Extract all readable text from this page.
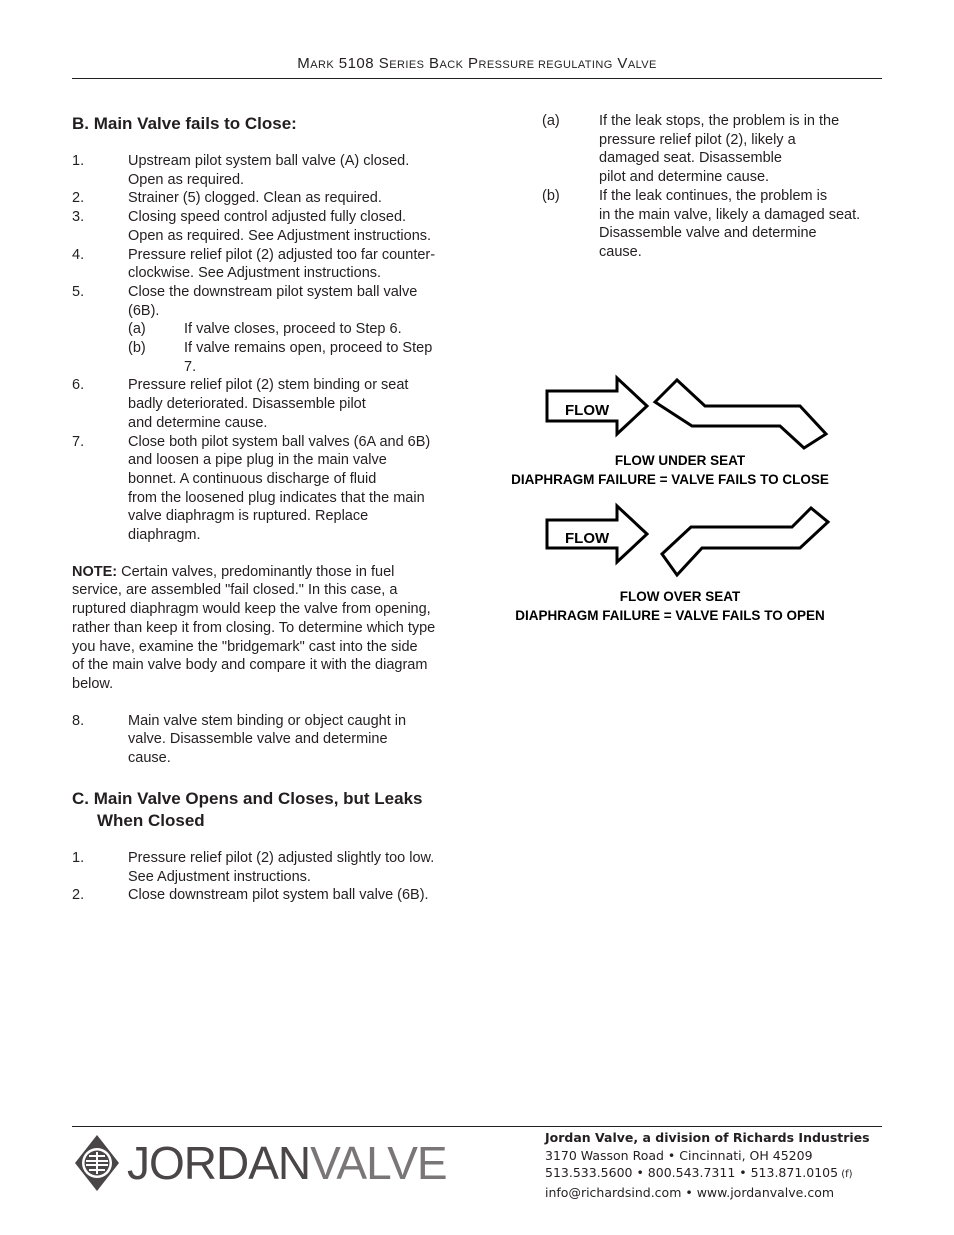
MARK 5108 SERIES BACK PRESSURE REGULATING VALVE
B. Main Valve fails to Close:
1.	Upstream pilot system ball valve (A) closed.
Open as required.
2.	Strainer (5) clogged. Clean as required.
3.	Closing speed control adjusted fully closed.
Open as required. See Adjustment instructions.
4.	Pressure relief pilot (2) adjusted too far counter-
clockwise. See Adjustment instructions.
5.	Close the downstream pilot system ball valve
(6B).
(a)	If valve closes, proceed to Step 6.
(b)	If valve remains open, proceed to Step
7.
6.	Pressure relief pilot (2) stem binding or seat
badly deteriorated. Disassemble pilot
and determine cause.
7.	Close both pilot system ball valves (6A and 6B)
and loosen a pipe plug in the main valve
bonnet. A continuous discharge of fluid
from the loosened plug indicates that the main
valve diaphragm is ruptured. Replace
diaphragm.
NOTE: Certain valves, predominantly those in fuel
service, are assembled "fail closed." In this case, a
ruptured diaphragm would keep the valve from opening,
rather than keep it from closing. To determine which type
you have, examine the "bridgemark" cast into the side
of the main valve body and compare it with the diagram
below.
8.	Main valve stem binding or object caught in
valve. Disassemble valve and determine
cause.
C. Main Valve Opens and Closes, but Leaks

When Closed
1.	Pressure relief pilot (2) adjusted slightly too low.
See Adjustment instructions.
2.	Close downstream pilot system ball valve (6B).
(a)	If the leak stops, the problem is in the
pressure relief pilot (2), likely a
damaged seat. Disassemble
pilot and determine cause.
(b)	If the leak continues, the problem is
in the main valve, likely a damaged seat.
Disassemble valve and determine
cause.
FLOW
FLOW UNDER SEAT
DIAPHRAGM FAILURE = VALVE FAILS TO CLOSE
FLOW
FLOW OVER SEAT
DIAPHRAGM FAILURE = VALVE FAILS TO OPEN
JORDANVALVE	Jordan Valve, a division of Richards Industries
3170 Wasson Road • Cincinnati, OH 45209
513.533.5600 • 800.543.7311 • 513.871.0105 (f)
info@richardsind.com • www.jordanvalve.com
